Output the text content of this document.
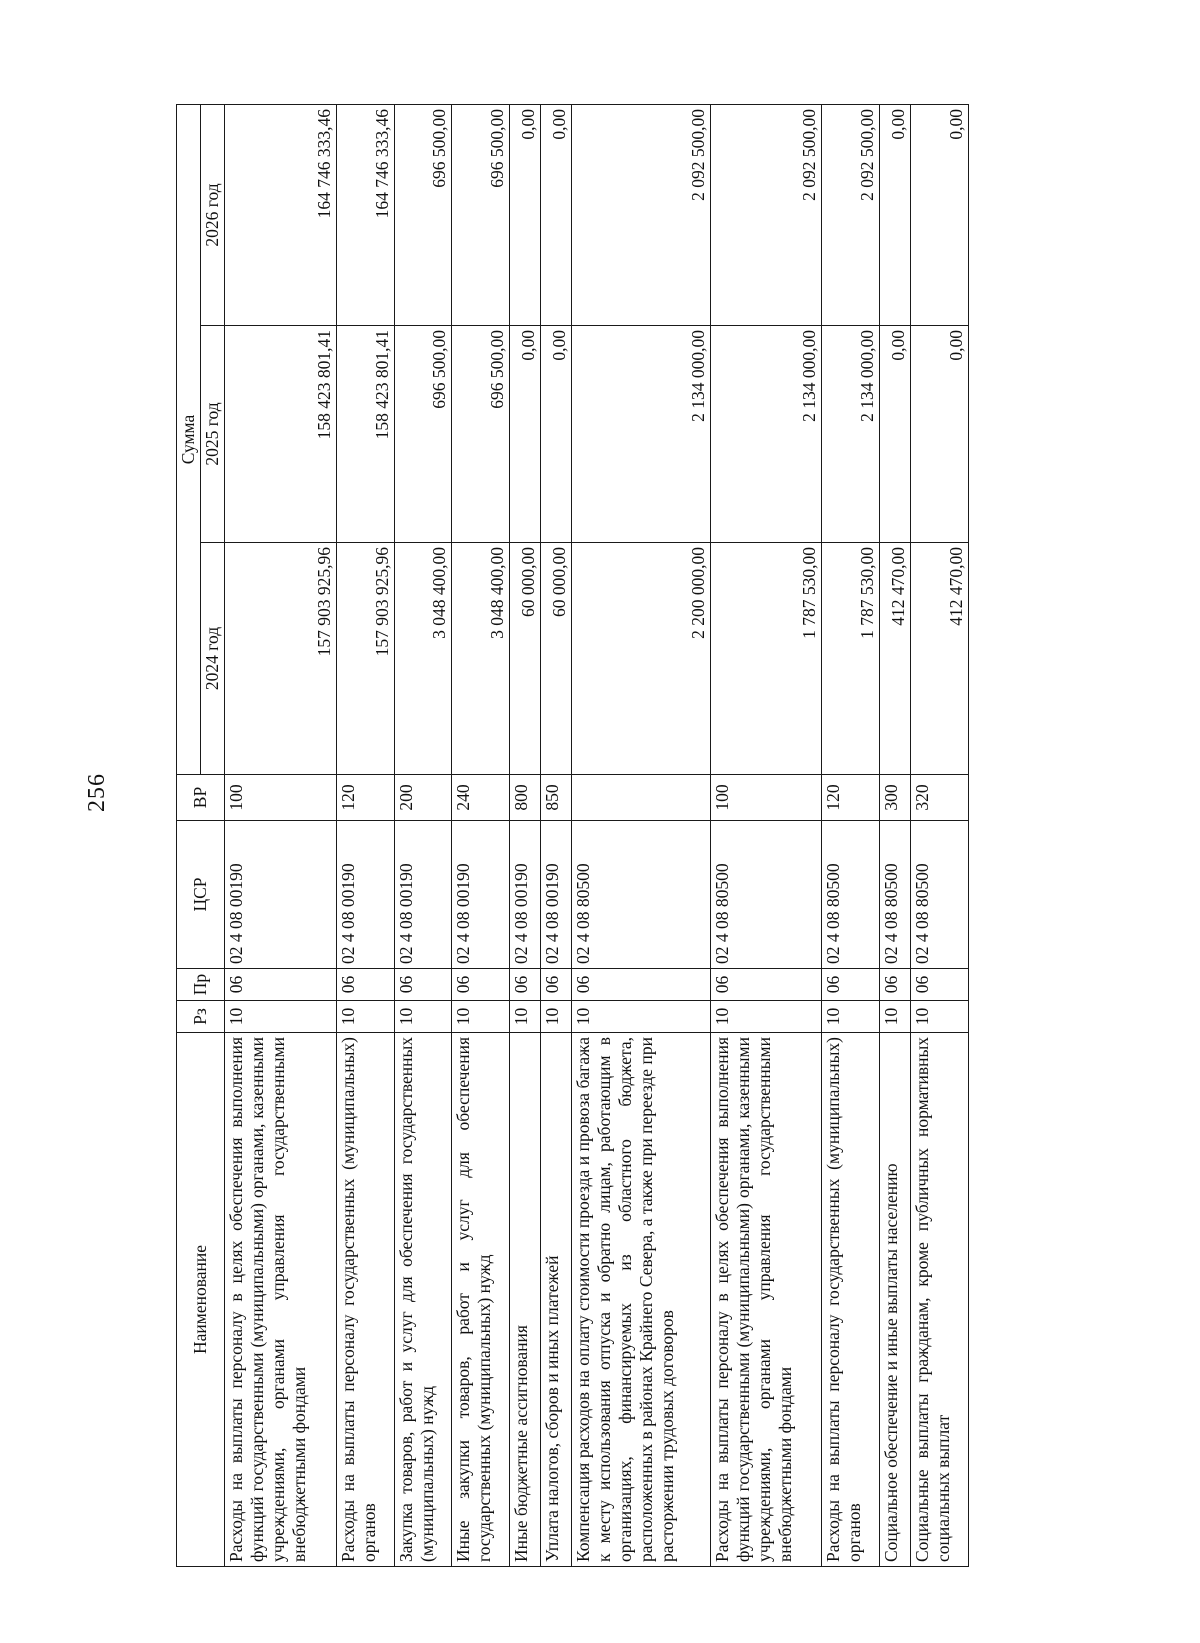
256
Наименование	Рз	Пр	ЦСР	ВР	Сумма		
					2024 год	2025 год	2026 год
Расходы на выплаты персоналу в целях обеспечения выполнения функций государственными (муниципальными) органами, казенными учреждениями, органами управления государственными внебюджетными фондами	10	06	02 4 08 00190	100	157 903 925,96	158 423 801,41	164 746 333,46
Расходы на выплаты персоналу государственных (муниципальных) органов	10	06	02 4 08 00190	120	157 903 925,96	158 423 801,41	164 746 333,46
Закупка товаров, работ и услуг для обеспечения государственных (муниципальных) нужд	10	06	02 4 08 00190	200	3 048 400,00	696 500,00	696 500,00
Иные закупки товаров, работ и услуг для обеспечения государственных (муниципальных) нужд	10	06	02 4 08 00190	240	3 048 400,00	696 500,00	696 500,00
Иные бюджетные ассигнования	10	06	02 4 08 00190	800	60 000,00	0,00	0,00
Уплата налогов, сборов и иных платежей	10	06	02 4 08 00190	850	60 000,00	0,00	0,00
Компенсация расходов на оплату стоимости проезда и провоза багажа к месту использования отпуска и обратно лицам, работающим в организациях, финансируемых из областного бюджета, расположенных в районах Крайнего Севера, а также при переезде при расторжении трудовых договоров	10	06	02 4 08 80500		2 200 000,00	2 134 000,00	2 092 500,00
Расходы на выплаты персоналу в целях обеспечения выполнения функций государственными (муниципальными) органами, казенными учреждениями, органами управления государственными внебюджетными фондами	10	06	02 4 08 80500	100	1 787 530,00	2 134 000,00	2 092 500,00
Расходы на выплаты персоналу государственных (муниципальных) органов	10	06	02 4 08 80500	120	1 787 530,00	2 134 000,00	2 092 500,00
Социальное обеспечение и иные выплаты населению	10	06	02 4 08 80500	300	412 470,00	0,00	0,00
Социальные выплаты гражданам, кроме публичных нормативных социальных выплат	10	06	02 4 08 80500	320	412 470,00	0,00	0,00
